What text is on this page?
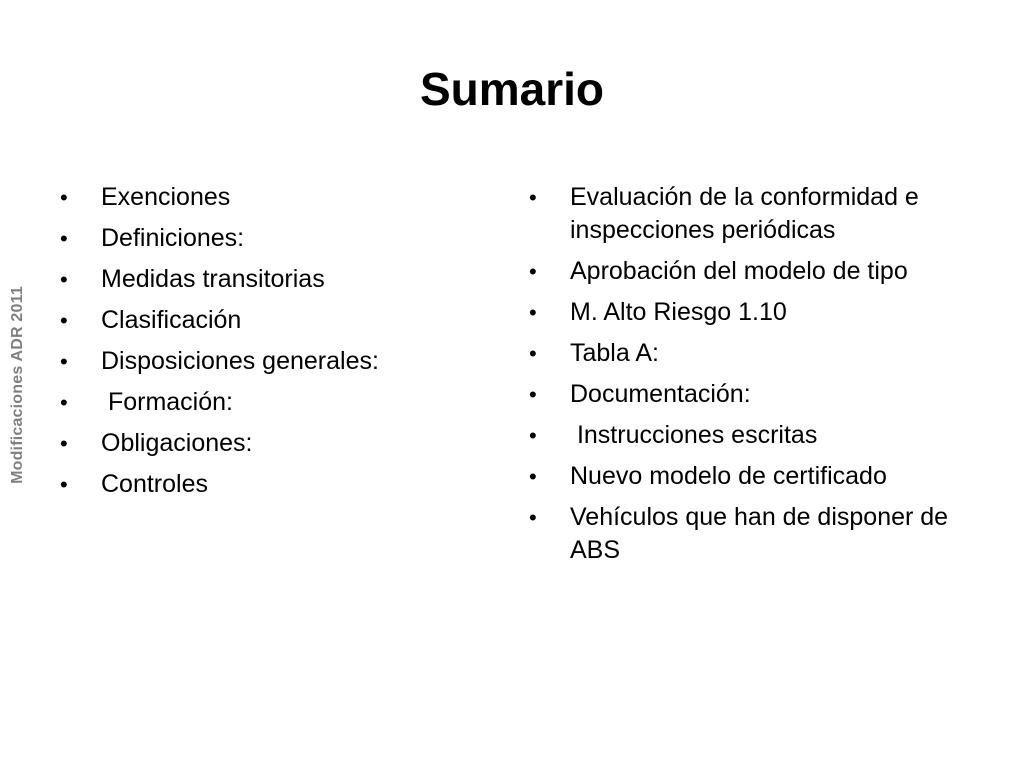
Modificaciones ADR 2011
Sumario
•	Exenciones
•	Definiciones:
•	Medidas transitorias
•	Clasificación
•	Disposiciones generales:
•	Formación:
•	Obligaciones:
•	Controles
•	Evaluación de la conformidad e inspecciones periódicas
•	Aprobación del modelo de tipo
•	M. Alto Riesgo 1.10
•	Tabla A:
•	Documentación:
•	Instrucciones escritas
•	Nuevo modelo de certificado
•	Vehículos que han de disponer de ABS
